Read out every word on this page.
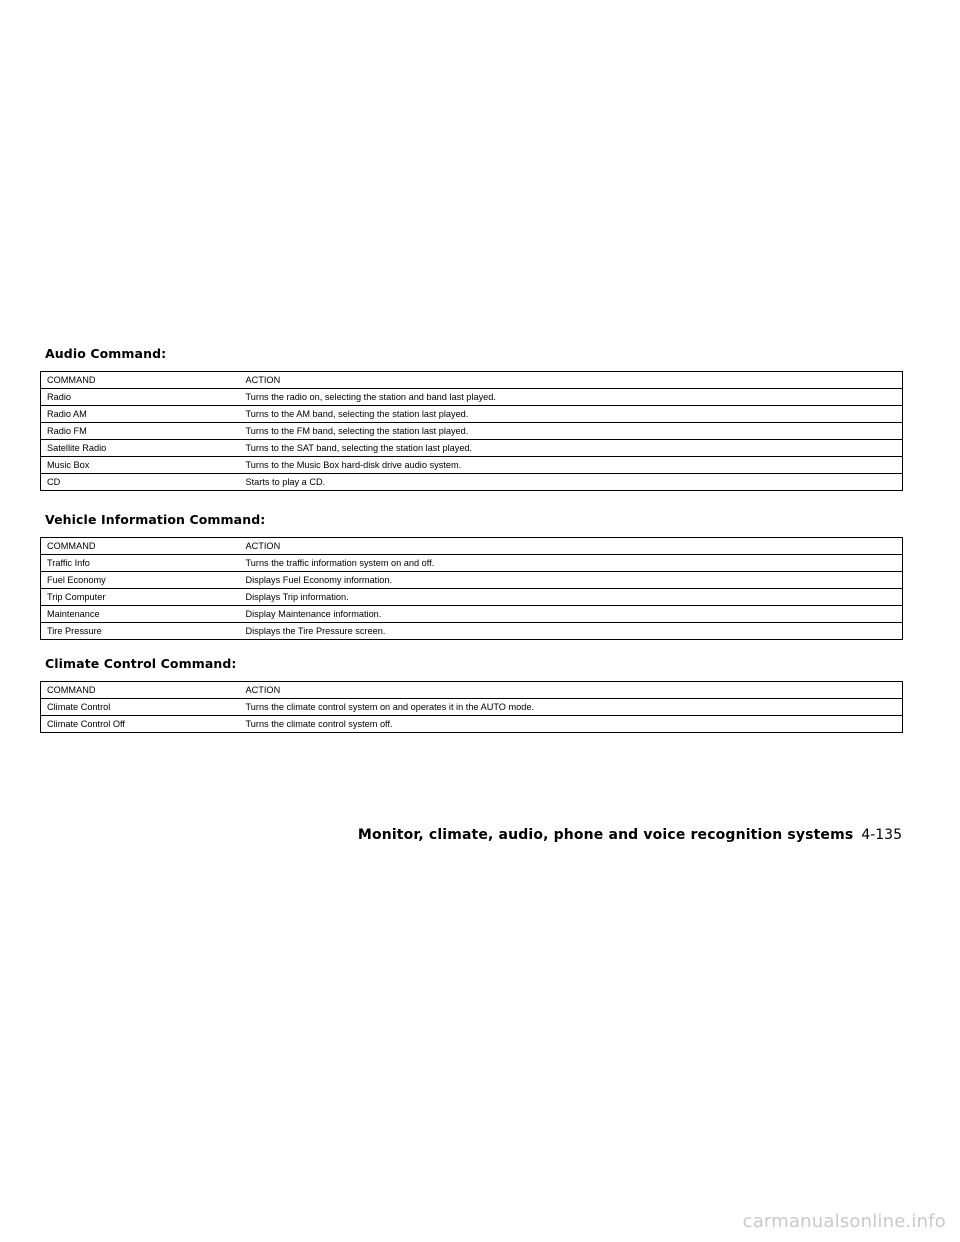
Audio Command:
COMMAND	ACTION
Radio	Turns the radio on, selecting the station and band last played.
Radio AM	Turns to the AM band, selecting the station last played.
Radio FM	Turns to the FM band, selecting the station last played.
Satellite Radio	Turns to the SAT band, selecting the station last played.
Music Box	Turns to the Music Box hard-disk drive audio system.
CD	Starts to play a CD.
Vehicle Information Command:
COMMAND	ACTION
Traffic Info	Turns the traffic information system on and off.
Fuel Economy	Displays Fuel Economy information.
Trip Computer	Displays Trip information.
Maintenance	Display Maintenance information.
Tire Pressure	Displays the Tire Pressure screen.
Climate Control Command:
COMMAND	ACTION
Climate Control	Turns the climate control system on and operates it in the AUTO mode.
Climate Control Off	Turns the climate control system off.
Monitor, climate, audio, phone and voice recognition systems 4-135
carmanualsonline.info
